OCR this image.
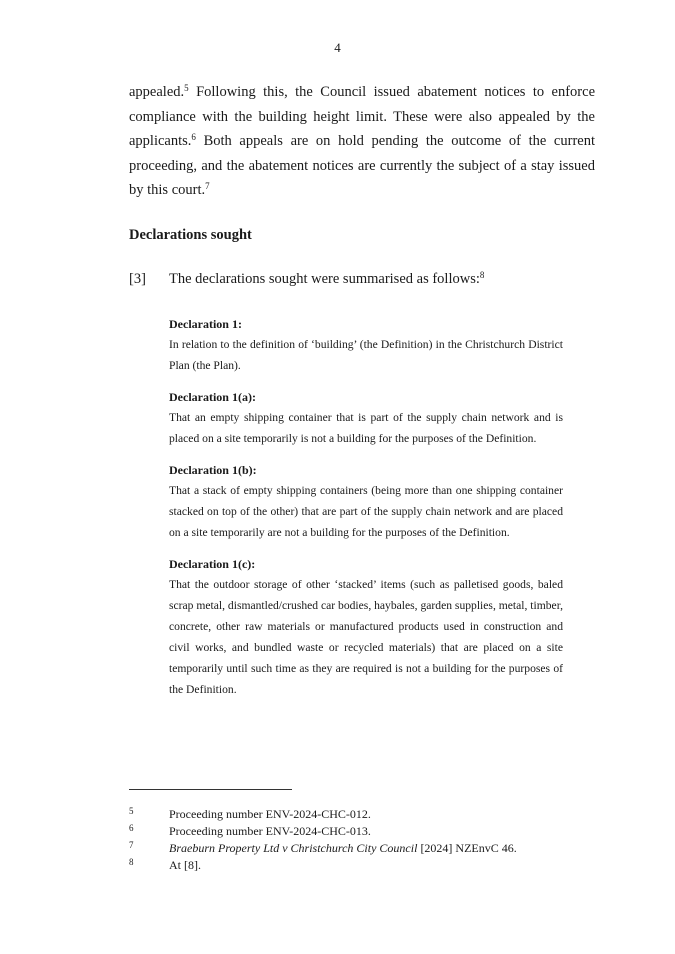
4

appealed.$^5$ Following this, the Council issued abatement notices to enforce compliance with the building height limit. These were also appealed by the applicants.$^6$ Both appeals are on hold pending the outcome of the current proceeding, and the abatement notices are currently the subject of a stay issued by this court.$^7$

Declarations sought
[3] The declarations sought were summarised as follows:$^8$
Declaration 1:
In relation to the definition of ‘building’ (the Definition) in the Christchurch District Plan (the Plan).
Declaration 1(a):
That an empty shipping container that is part of the supply chain network and is placed on a site temporarily is not a building for the purposes of the Definition.
Declaration 1(b):
That a stack of empty shipping containers (being more than one shipping container stacked on top of the other) that are part of the supply chain network and are placed on a site temporarily are not a building for the purposes of the Definition.
Declaration 1(c):
That the outdoor storage of other ‘stacked’ items (such as palletised goods, baled scrap metal, dismantled/crushed car bodies, haybales, garden supplies, metal, timber, concrete, other raw materials or manufactured products used in construction and civil works, and bundled waste or recycled materials) that are placed on a site temporarily until such time as they are required is not a building for the purposes of the Definition.
5	Proceeding number ENV-2024-CHC-012.
6	Proceeding number ENV-2024-CHC-013.
7	Braeburn Property Ltd v Christchurch City Council [2024] NZEnvC 46.
8	At [8].
